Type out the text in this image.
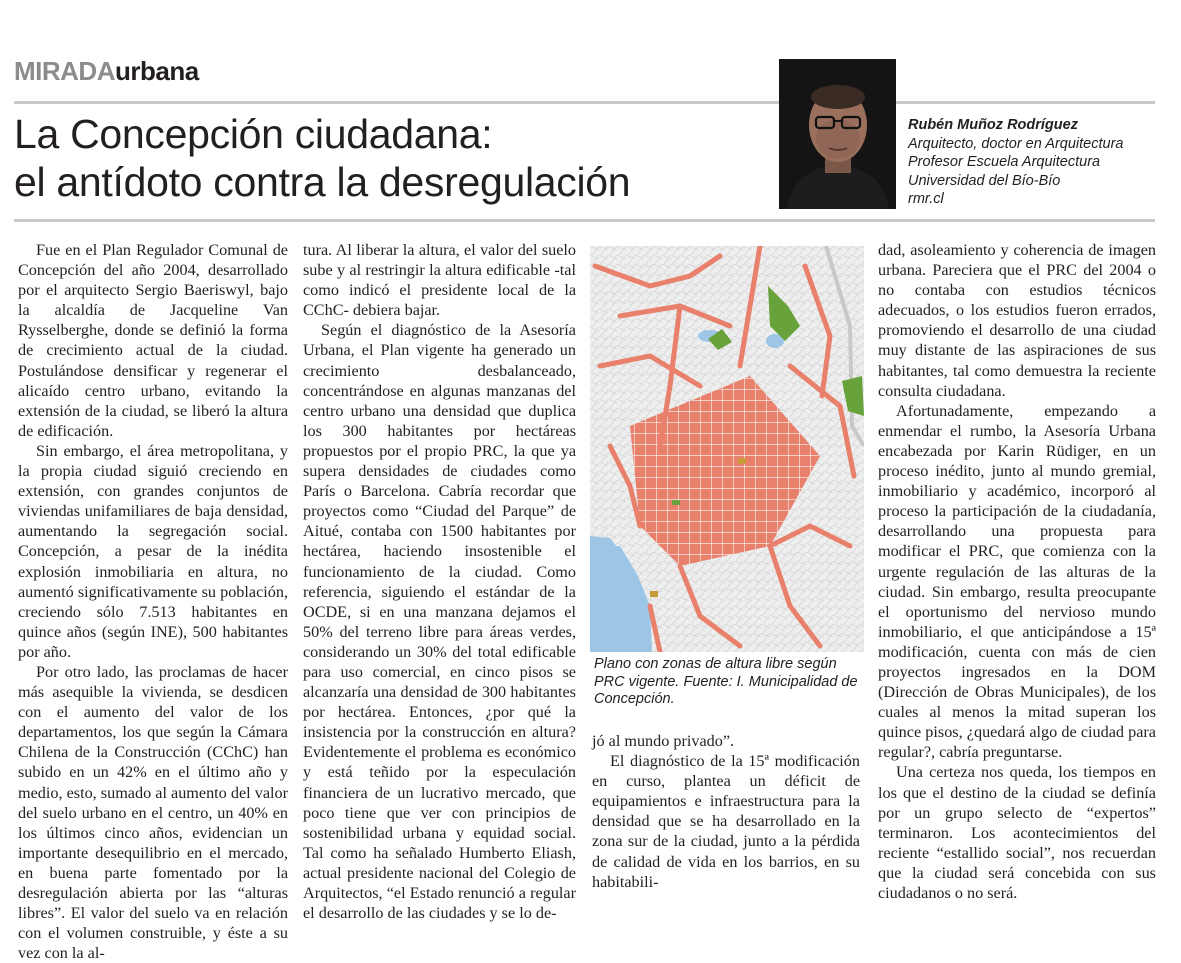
MIRADAurbana
La Concepción ciudadana:
el antídoto contra la desregulación
Rubén Muñoz Rodríguez
Arquitecto, doctor en Arquitectura
Profesor Escuela Arquitectura
Universidad del Bío-Bío
rmr.cl

Fue en el Plan Regulador Comunal de Concepción del año 2004, desarrollado por el arquitecto Sergio Baeriswyl, bajo la alcaldía de Jacqueline Van Rysselberghe, donde se definió la forma de crecimiento actual de la ciudad. Postulándose densificar y regenerar el alicaído centro urbano, evitando la extensión de la ciudad, se liberó la altura de edificación.

Sin embargo, el área metropolitana, y la propia ciudad siguió creciendo en extensión, con grandes conjuntos de viviendas unifamiliares de baja densidad, aumentando la segregación social. Concepción, a pesar de la inédita explosión inmobiliaria en altura, no aumentó significativamente su población, creciendo sólo 7.513 habitantes en quince años (según INE), 500 habitantes por año.

Por otro lado, las proclamas de hacer más asequible la vivienda, se desdicen con el aumento del valor de los departamentos, los que según la Cámara Chilena de la Construcción (CChC) han subido en un 42% en el último año y medio, esto, sumado al aumento del valor del suelo urbano en el centro, un 40% en los últimos cinco años, evidencian un importante desequilibrio en el mercado, en buena parte fomentado por la desregulación abierta por las “alturas libres”. El valor del suelo va en relación con el volumen construible, y éste a su vez con la al-

tura. Al liberar la altura, el valor del suelo sube y al restringir la altura edificable -tal como indicó el presidente local de la CChC- debiera bajar.

Según el diagnóstico de la Asesoría Urbana, el Plan vigente ha generado un crecimiento desbalanceado, concentrándose en algunas manzanas del centro urbano una densidad que duplica los 300 habitantes por hectáreas propuestos por el propio PRC, la que ya supera densidades de ciudades como París o Barcelona. Cabría recordar que proyectos como “Ciudad del Parque” de Aitué, contaba con 1500 habitantes por hectárea, haciendo insostenible el funcionamiento de la ciudad. Como referencia, siguiendo el estándar de la OCDE, si en una manzana dejamos el 50% del terreno libre para áreas verdes, considerando un 30% del total edificable para uso comercial, en cinco pisos se alcanzaría una densidad de 300 habitantes por hectárea. Entonces, ¿por qué la insistencia por la construcción en altura? Evidentemente el problema es económico y está teñido por la especulación financiera de un lucrativo mercado, que poco tiene que ver con principios de sostenibilidad urbana y equidad social. Tal como ha señalado Humberto Eliash, actual presidente nacional del Colegio de Arquitectos, “el Estado renunció a regular el desarrollo de las ciudades y se lo de-

Plano con zonas de altura libre según PRC vigente. Fuente: I. Municipalidad de Concepción.

jó al mundo privado”.

El diagnóstico de la 15ª modificación en curso, plantea un déficit de equipamientos e infraestructura para la densidad que se ha desarrollado en la zona sur de la ciudad, junto a la pérdida de calidad de vida en los barrios, en su habitabili-

dad, asoleamiento y coherencia de imagen urbana. Pareciera que el PRC del 2004 o no contaba con estudios técnicos adecuados, o los estudios fueron errados, promoviendo el desarrollo de una ciudad muy distante de las aspiraciones de sus habitantes, tal como demuestra la reciente consulta ciudadana.

Afortunadamente, empezando a enmendar el rumbo, la Asesoría Urbana encabezada por Karin Rüdiger, en un proceso inédito, junto al mundo gremial, inmobiliario y académico, incorporó al proceso la participación de la ciudadanía, desarrollando una propuesta para modificar el PRC, que comienza con la urgente regulación de las alturas de la ciudad. Sin embargo, resulta preocupante el oportunismo del nervioso mundo inmobiliario, el que anticipándose a 15ª modificación, cuenta con más de cien proyectos ingresados en la DOM (Dirección de Obras Municipales), de los cuales al menos la mitad superan los quince pisos, ¿quedará algo de ciudad para regular?, cabría preguntarse.

Una certeza nos queda, los tiempos en los que el destino de la ciudad se definía por un grupo selecto de “expertos” terminaron. Los acontecimientos del reciente “estallido social”, nos recuerdan que la ciudad será concebida con sus ciudadanos o no será.
